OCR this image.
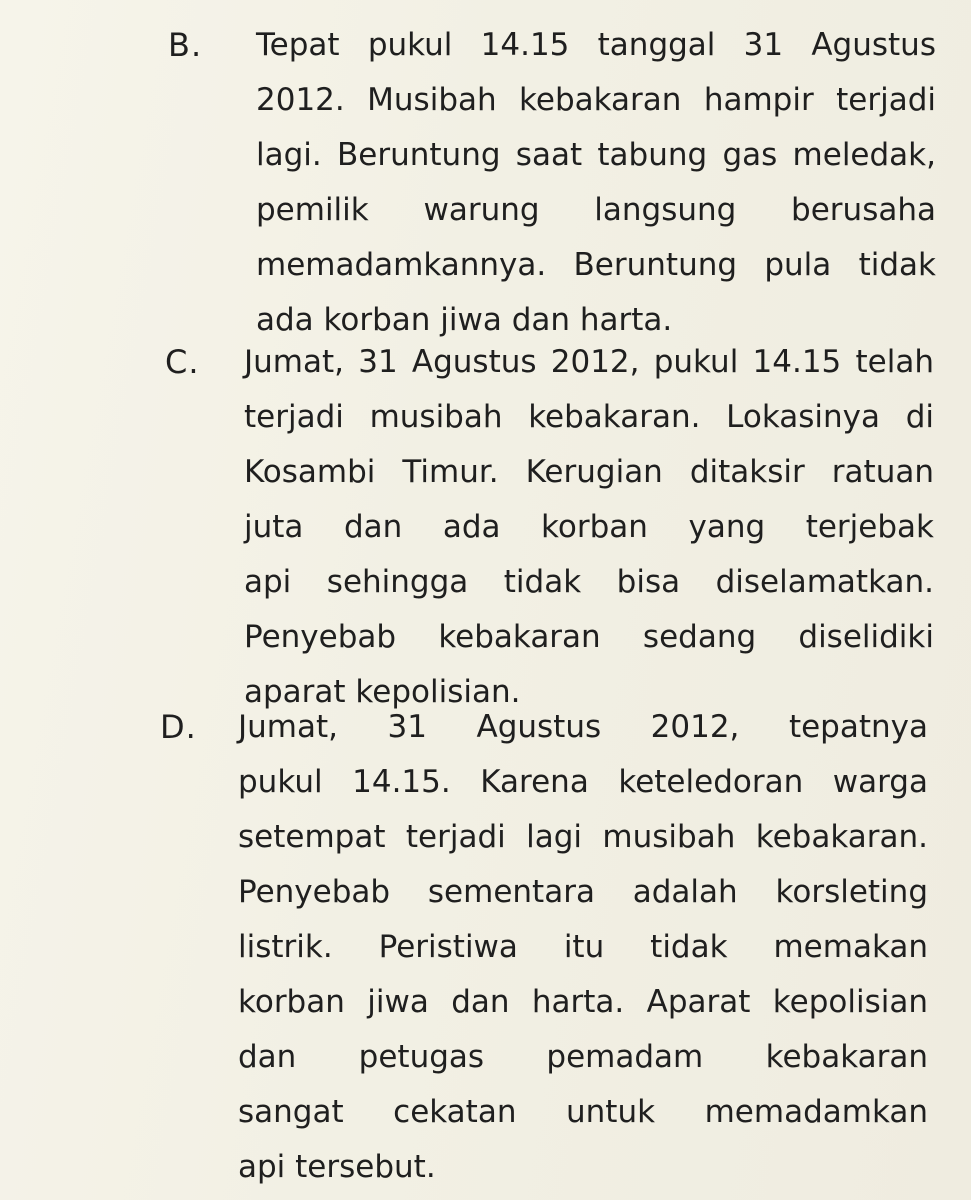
B. Tepat pukul 14.15 tanggal 31 Agustus
2012. Musibah kebakaran hampir terjadi
lagi. Beruntung saat tabung gas meledak,
pemilik warung langsung berusaha
memadamkannya. Beruntung pula tidak
ada korban jiwa dan harta.
C. Jumat, 31 Agustus 2012, pukul 14.15 telah
terjadi musibah kebakaran. Lokasinya di
Kosambi Timur. Kerugian ditaksir ratuan
juta dan ada korban yang terjebak
api sehingga tidak bisa diselamatkan.
Penyebab kebakaran sedang diselidiki
aparat kepolisian.
D. Jumat, 31 Agustus 2012, tepatnya
pukul 14.15. Karena keteledoran warga
setempat terjadi lagi musibah kebakaran.
Penyebab sementara adalah korsleting
listrik. Peristiwa itu tidak memakan
korban jiwa dan harta. Aparat kepolisian
dan petugas pemadam kebakaran
sangat cekatan untuk memadamkan
api tersebut.
